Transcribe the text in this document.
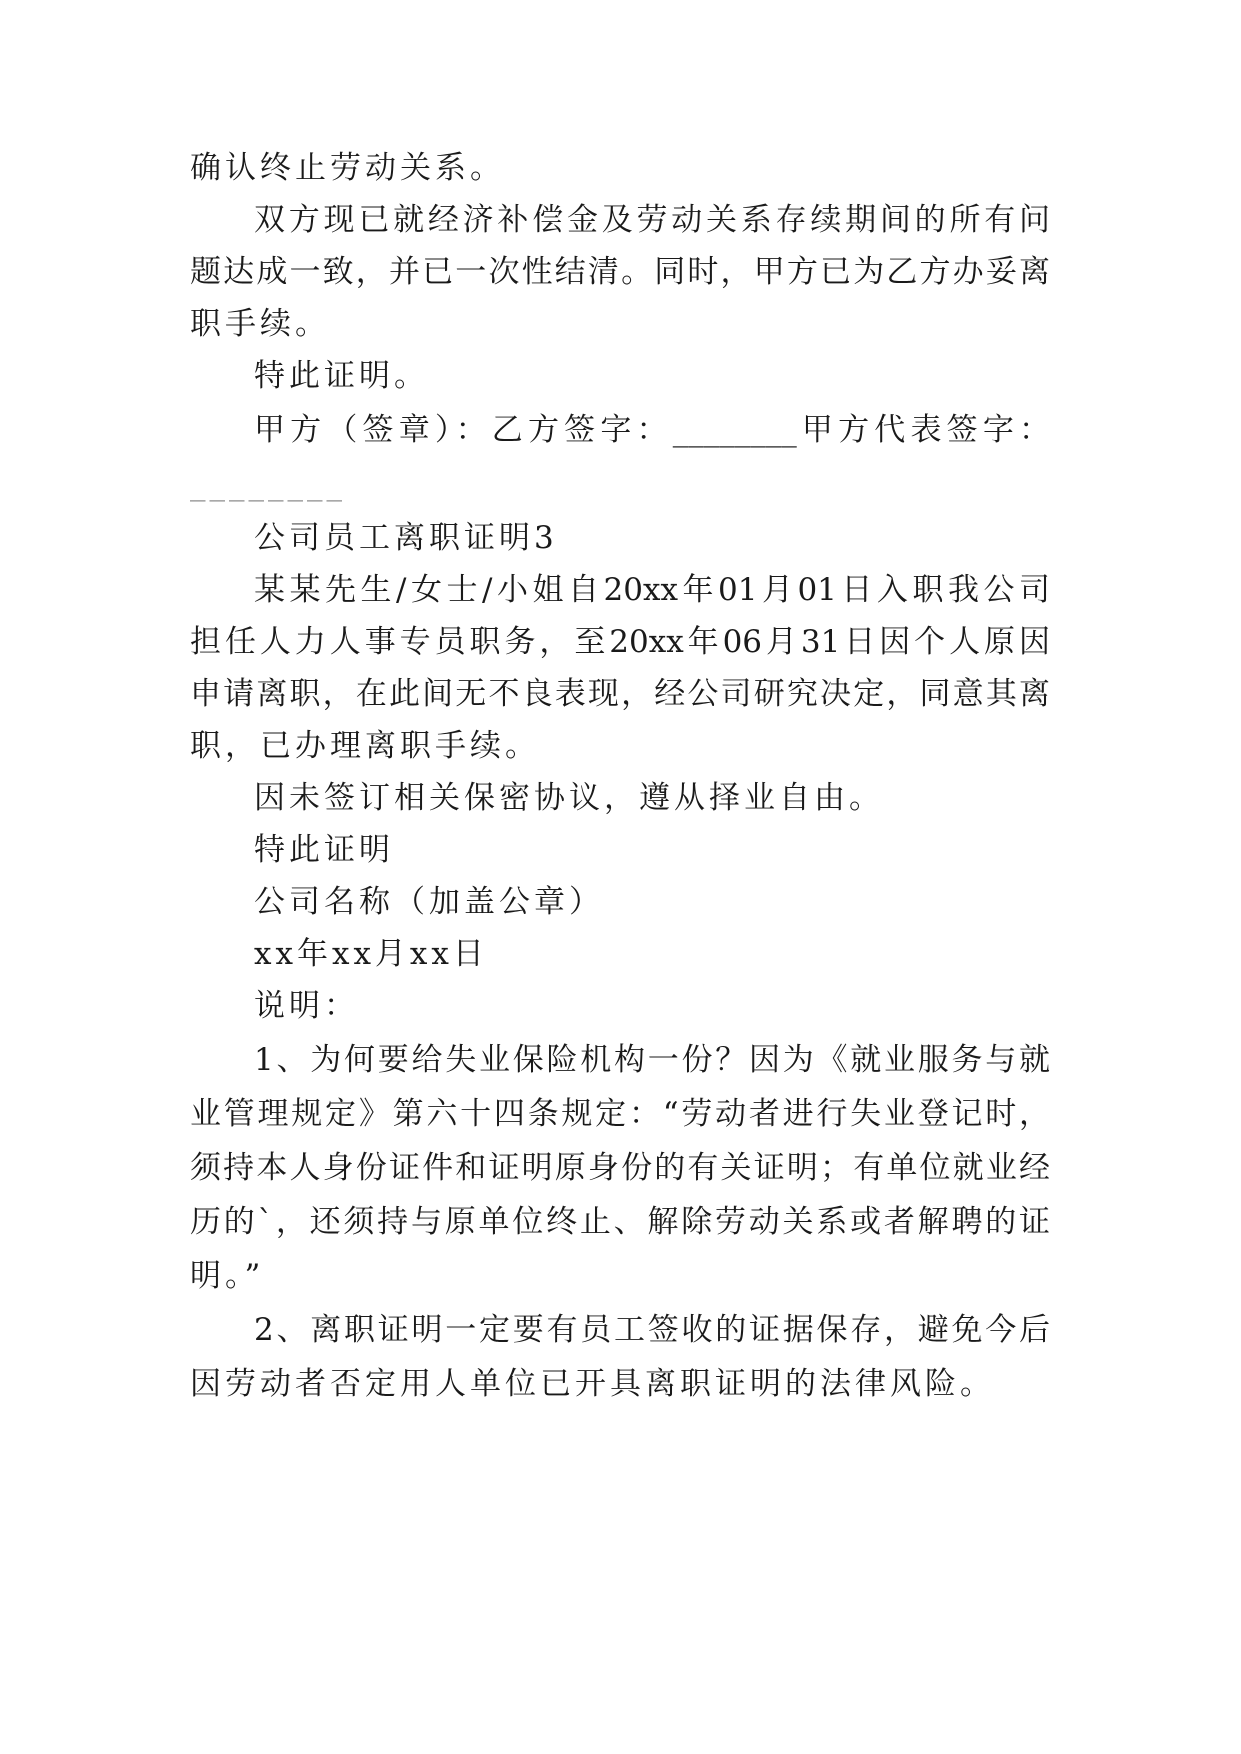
确认终止劳动关系。
双方现已就经济补偿金及劳动关系存续期间的所有问
题达成一致，并已一次性结清。同时，甲方已为乙方办妥离
职手续。
特此证明。
甲方（签章）：乙方签字：________甲方代表签字：
________
公司员工离职证明3
某某先生/女士/小姐自20xx年01月01日入职我公司
担任人力人事专员职务，至20xx年06月31日因个人原因
申请离职，在此间无不良表现，经公司研究决定，同意其离
职，已办理离职手续。
因未签订相关保密协议，遵从择业自由。
特此证明
公司名称（加盖公章）
xx年xx月xx日
说明：
1、为何要给失业保险机构一份？因为《就业服务与就
业管理规定》第六十四条规定：“劳动者进行失业登记时，
须持本人身份证件和证明原身份的有关证明；有单位就业经
历的`，还须持与原单位终止、解除劳动关系或者解聘的证
明。”
2、离职证明一定要有员工签收的证据保存，避免今后
因劳动者否定用人单位已开具离职证明的法律风险。
